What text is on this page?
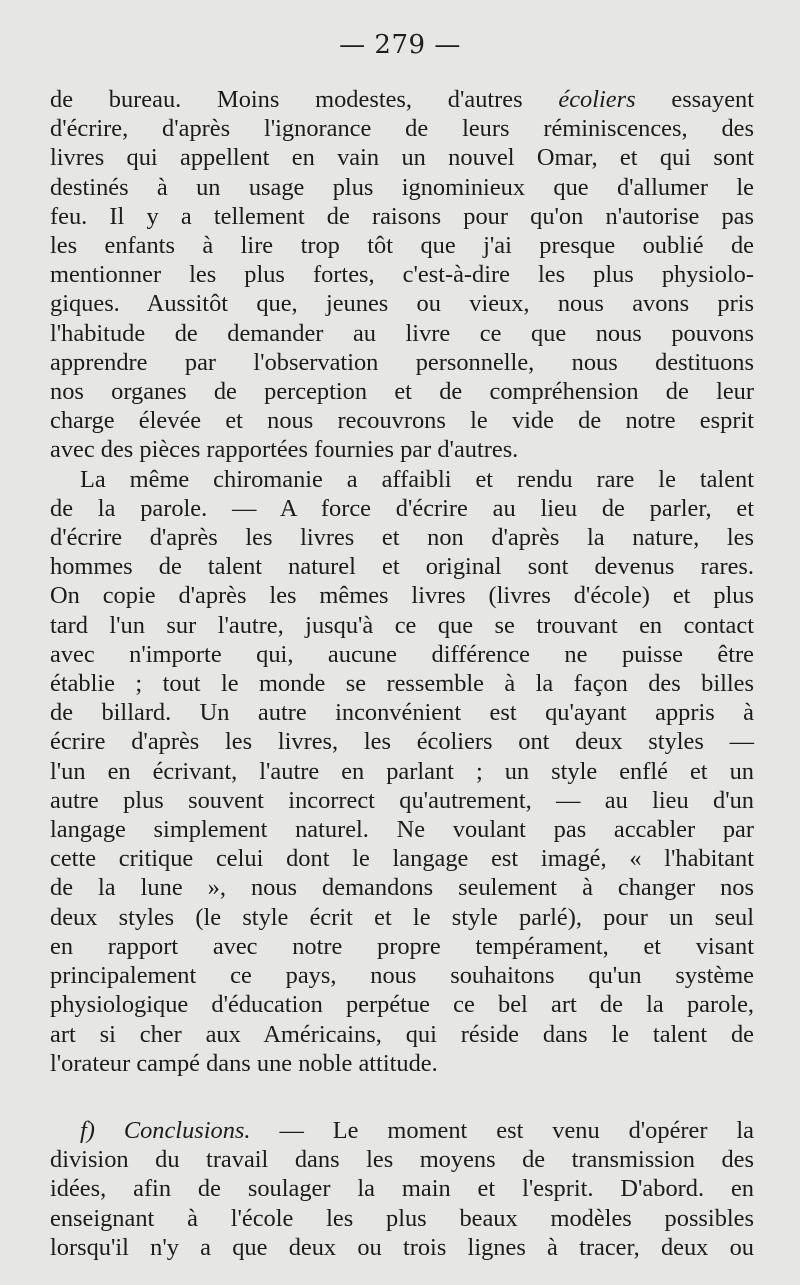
— 279 —
de bureau. Moins modestes, d'autres écoliers essayent
d'écrire, d'après l'ignorance de leurs réminiscences, des
livres qui appellent en vain un nouvel Omar, et qui sont
destinés à un usage plus ignominieux que d'allumer le
feu. Il y a tellement de raisons pour qu'on n'autorise pas
les enfants à lire trop tôt que j'ai presque oublié de
mentionner les plus fortes, c'est-à-dire les plus physiolo-
giques. Aussitôt que, jeunes ou vieux, nous avons pris
l'habitude de demander au livre ce que nous pouvons
apprendre par l'observation personnelle, nous destituons
nos organes de perception et de compréhension de leur
charge élevée et nous recouvrons le vide de notre esprit
avec des pièces rapportées fournies par d'autres.
La même chiromanie a affaibli et rendu rare le talent
de la parole. — A force d'écrire au lieu de parler, et
d'écrire d'après les livres et non d'après la nature, les
hommes de talent naturel et original sont devenus rares.
On copie d'après les mêmes livres (livres d'école) et plus
tard l'un sur l'autre, jusqu'à ce que se trouvant en contact
avec n'importe qui, aucune différence ne puisse être
établie ; tout le monde se ressemble à la façon des billes
de billard. Un autre inconvénient est qu'ayant appris à
écrire d'après les livres, les écoliers ont deux styles —
l'un en écrivant, l'autre en parlant ; un style enflé et un
autre plus souvent incorrect qu'autrement, — au lieu d'un
langage simplement naturel. Ne voulant pas accabler par
cette critique celui dont le langage est imagé, « l'habitant
de la lune », nous demandons seulement à changer nos
deux styles (le style écrit et le style parlé), pour un seul
en rapport avec notre propre tempérament, et visant
principalement ce pays, nous souhaitons qu'un système
physiologique d'éducation perpétue ce bel art de la parole,
art si cher aux Américains, qui réside dans le talent de
l'orateur campé dans une noble attitude.
f) Conclusions. — Le moment est venu d'opérer la
division du travail dans les moyens de transmission des
idées, afin de soulager la main et l'esprit. D'abord. en
enseignant à l'école les plus beaux modèles possibles
lorsqu'il n'y a que deux ou trois lignes à tracer, deux ou
